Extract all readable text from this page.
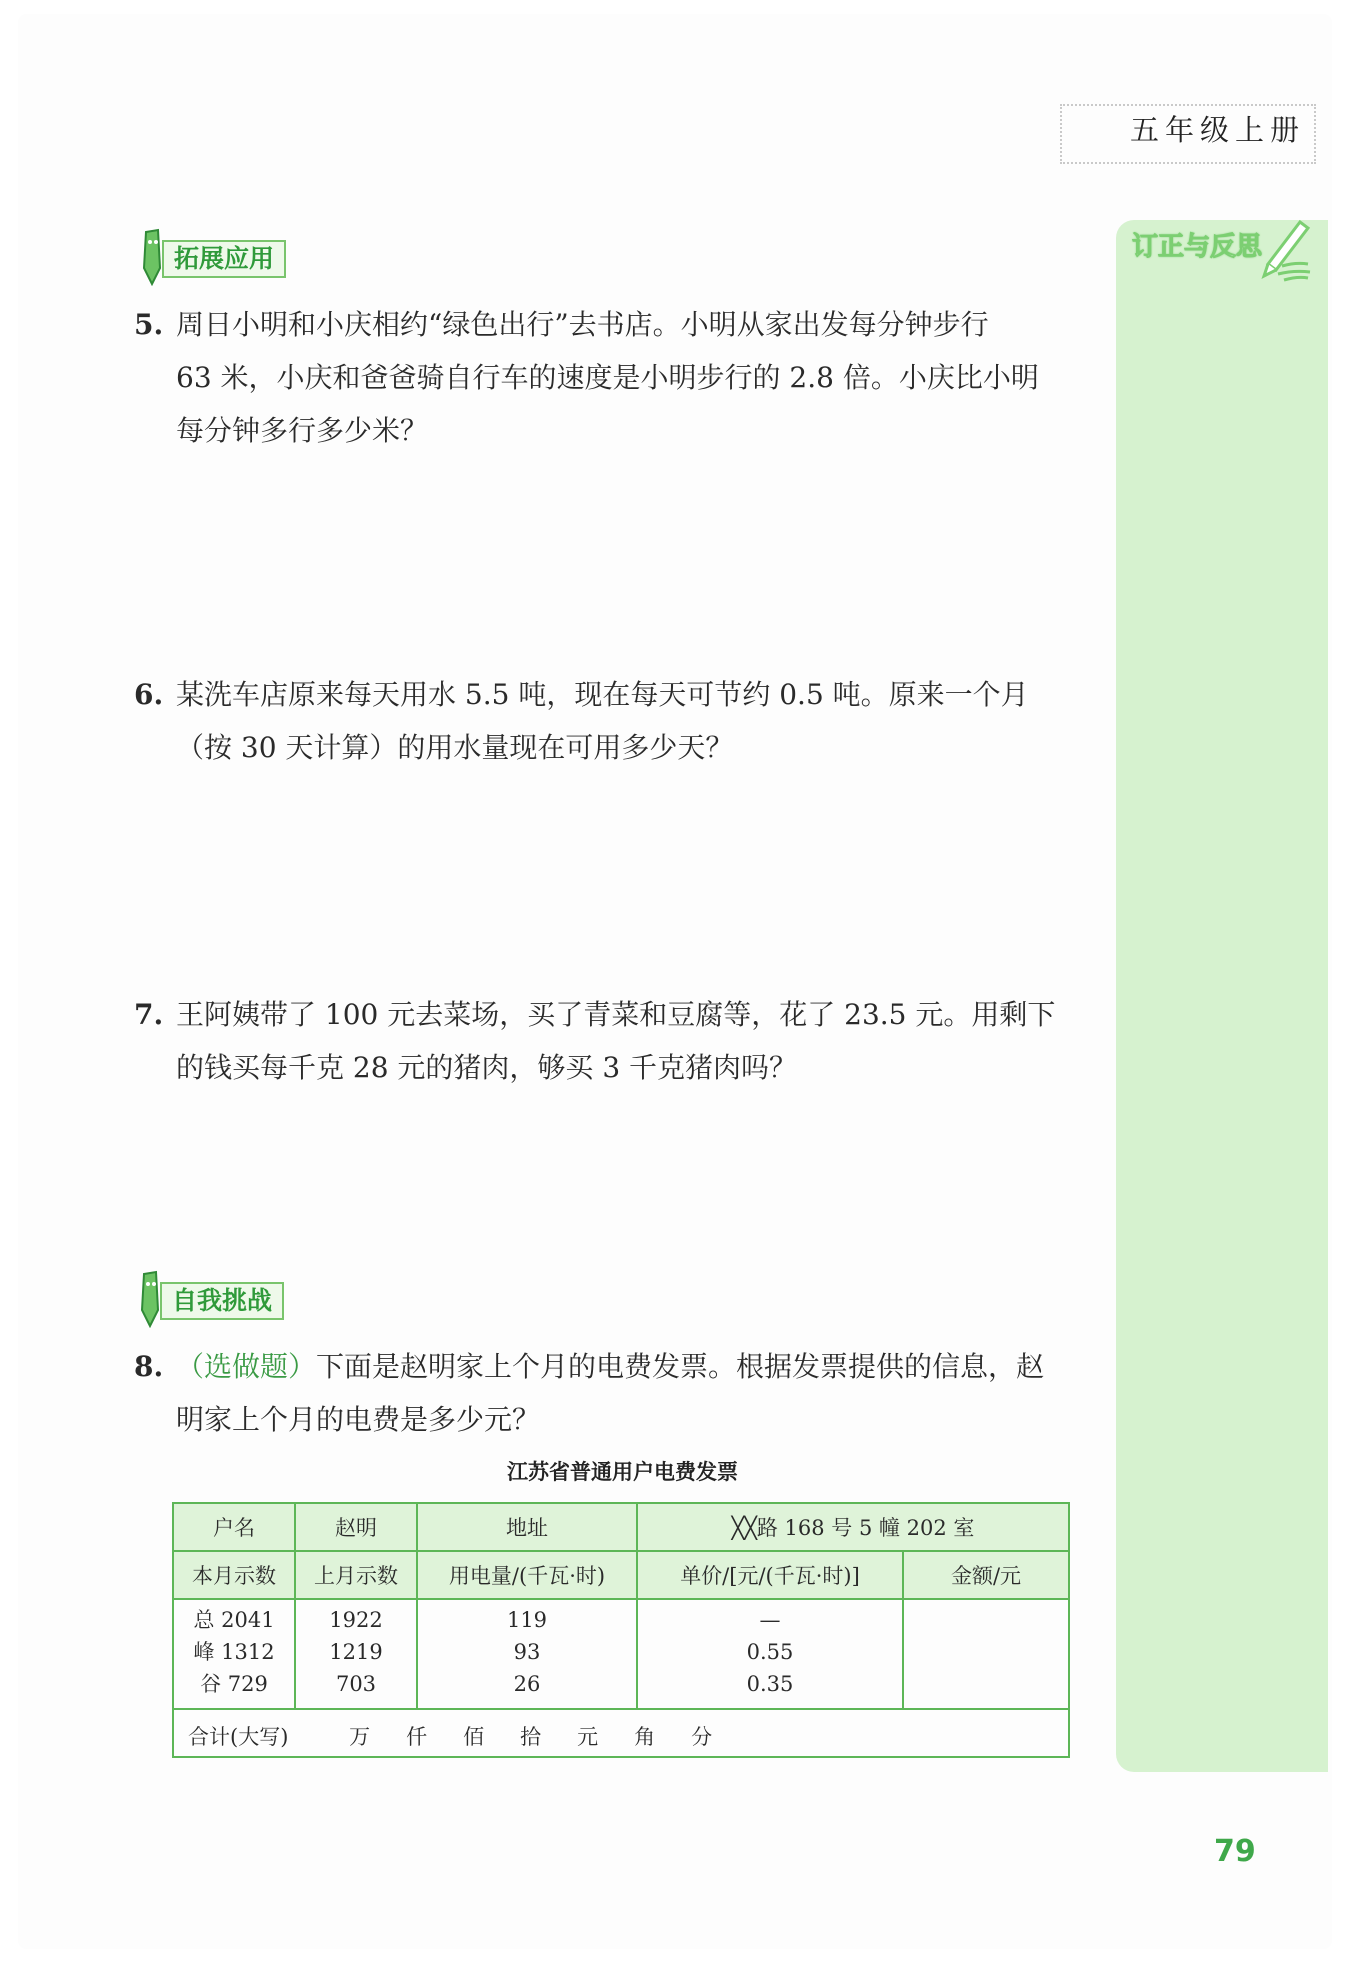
五年级上册
订正与反思
拓展应用
5. 周日小明和小庆相约“绿色出行”去书店。小明从家出发每分钟步行
63 米，小庆和爸爸骑自行车的速度是小明步行的 2.8 倍。小庆比小明
每分钟多行多少米？
6. 某洗车店原来每天用水 5.5 吨，现在每天可节约 0.5 吨。原来一个月
（按 30 天计算）的用水量现在可用多少天？
7. 王阿姨带了 100 元去菜场，买了青菜和豆腐等，花了 23.5 元。用剩下
的钱买每千克 28 元的猪肉，够买 3 千克猪肉吗？
自我挑战
8. （选做题）下面是赵明家上个月的电费发票。根据发票提供的信息，赵
明家上个月的电费是多少元？
江苏省普通用户电费发票
户名	赵明	地址	╳╳路 168 号 5 幢 202 室
本月示数	上月示数	用电量/(千瓦·时)	单价/[元/(千瓦·时)]	金额/元
总 2041	1922	119	—
峰 1312	1219	93	0.55
谷 729	703	26	0.35
合计(大写)	万 仟 佰 拾 元 角 分
79
